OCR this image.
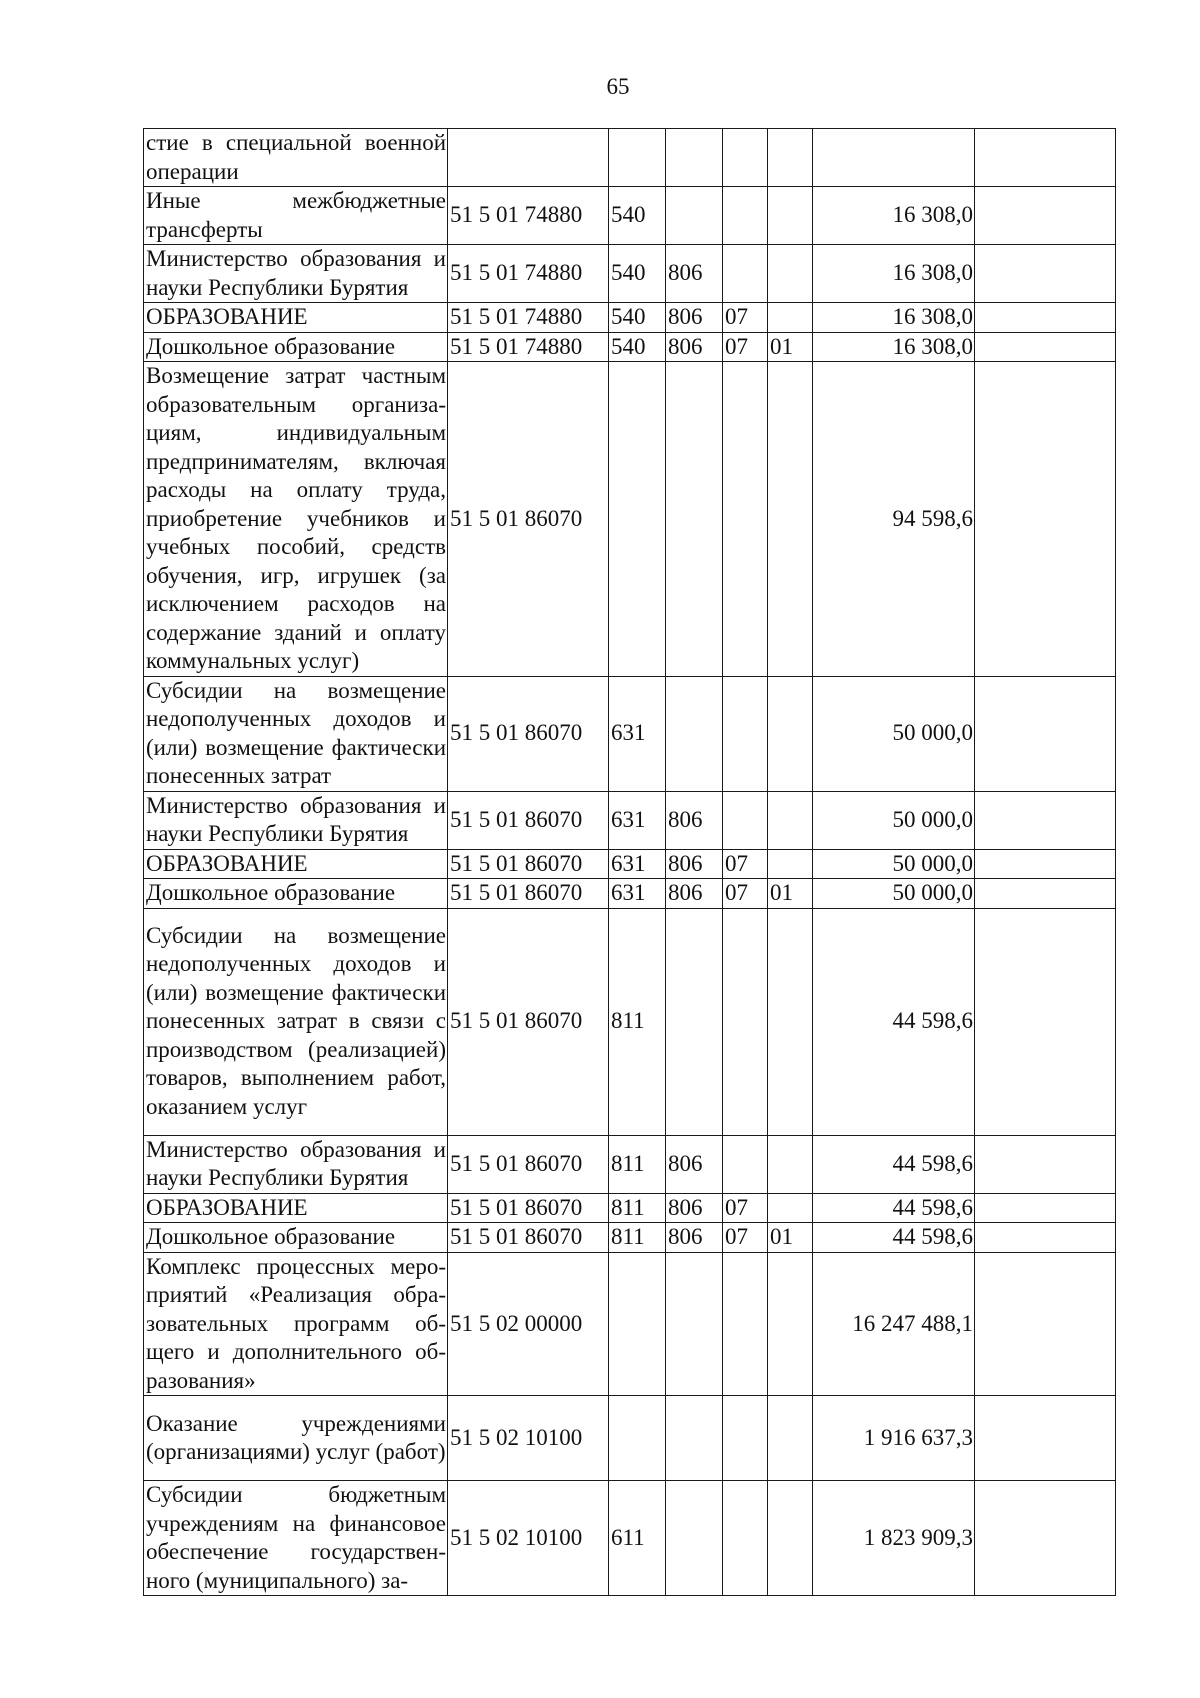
65
стие в специальной военной операции							
Иные межбюджетные трансферты	51 5 01 74880	540				16 308,0	
Министерство образования и науки Республики Бурятия	51 5 01 74880	540	806			16 308,0	
ОБРАЗОВАНИЕ	51 5 01 74880	540	806	07		16 308,0	
Дошкольное образование	51 5 01 74880	540	806	07	01	16 308,0	
Возмещение затрат частным образовательным организациям, индивидуальным предпринимателям, включая расходы на оплату труда, приобретение учебников и учебных пособий, средств обучения, игр, игрушек (за исключением расходов на содержание зданий и оплату коммунальных услуг)	51 5 01 86070					94 598,6	
Субсидии на возмещение недополученных доходов и (или) возмещение фактически понесенных затрат	51 5 01 86070	631				50 000,0	
Министерство образования и науки Республики Бурятия	51 5 01 86070	631	806			50 000,0	
ОБРАЗОВАНИЕ	51 5 01 86070	631	806	07		50 000,0	
Дошкольное образование	51 5 01 86070	631	806	07	01	50 000,0	
Субсидии на возмещение недополученных доходов и (или) возмещение фактически понесенных затрат в связи с производством (реализацией) товаров, выполнением работ, оказанием услуг	51 5 01 86070	811				44 598,6	
Министерство образования и науки Республики Бурятия	51 5 01 86070	811	806			44 598,6	
ОБРАЗОВАНИЕ	51 5 01 86070	811	806	07		44 598,6	
Дошкольное образование	51 5 01 86070	811	806	07	01	44 598,6	
Комплекс процессных мероприятий «Реализация образовательных программ общего и дополнительного образования»	51 5 02 00000					16 247 488,1	
Оказание учреждениями (организациями) услуг (работ)	51 5 02 10100					1 916 637,3	
Субсидии бюджетным учреждениям на финансовое обеспечение государственного (муниципального) за-	51 5 02 10100	611				1 823 909,3	
